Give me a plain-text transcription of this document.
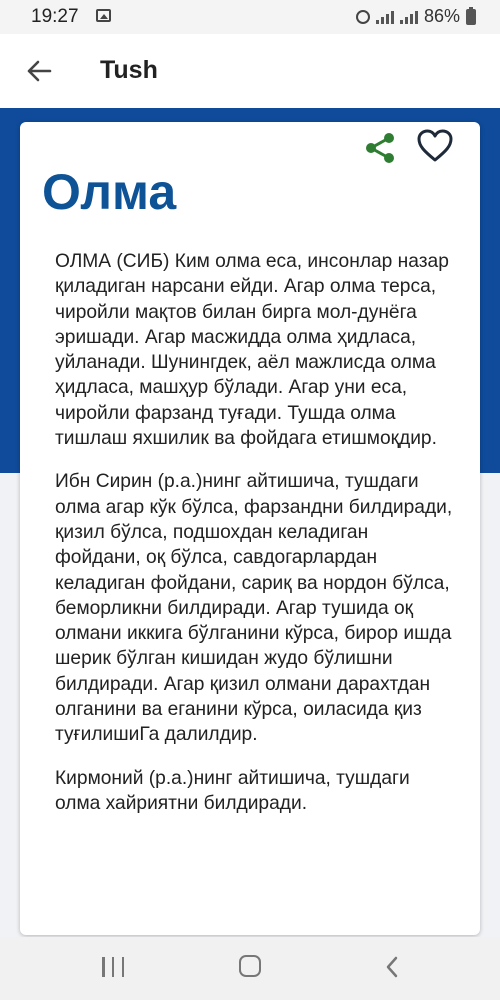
19:27	86%
Tush
Олма

ОЛМА (СИБ) Ким олма еса, инсонлар назар қиладиган нарсани ейди. Агар олма терса, чиройли мақтов билан бирга мол-дунёга эришади. Агар масжидда олма ҳидласа, уйланади. Шунингдек, аёл мажлисда олма ҳидласа, машҳур бўлади. Агар уни еса, чиройли фарзанд туғади. Тушда олма тишлаш яхшилик ва фойдага етишмоқдир.

Ибн Сирин (р.а.)нинг айтишича, тушдаги олма агар кўк бўлса, фарзандни билдиради, қизил бўлса, подшохдан келадиган фойдани, оқ бўлса, савдогарлардан келадиган фойдани, сариқ ва нордон бўлса, беморликни билдиради. Агар тушида оқ олмани иккига бўлганини кўрса, бирор ишда шерик бўлган кишидан жудо бўлишни билдиради. Агар қизил олмани дарахтдан олганини ва еганини кўрса, оиласида қиз туғилишиГа далилдир.

Кирмоний (р.а.)нинг айтишича, тушдаги олма хайриятни билдиради.
